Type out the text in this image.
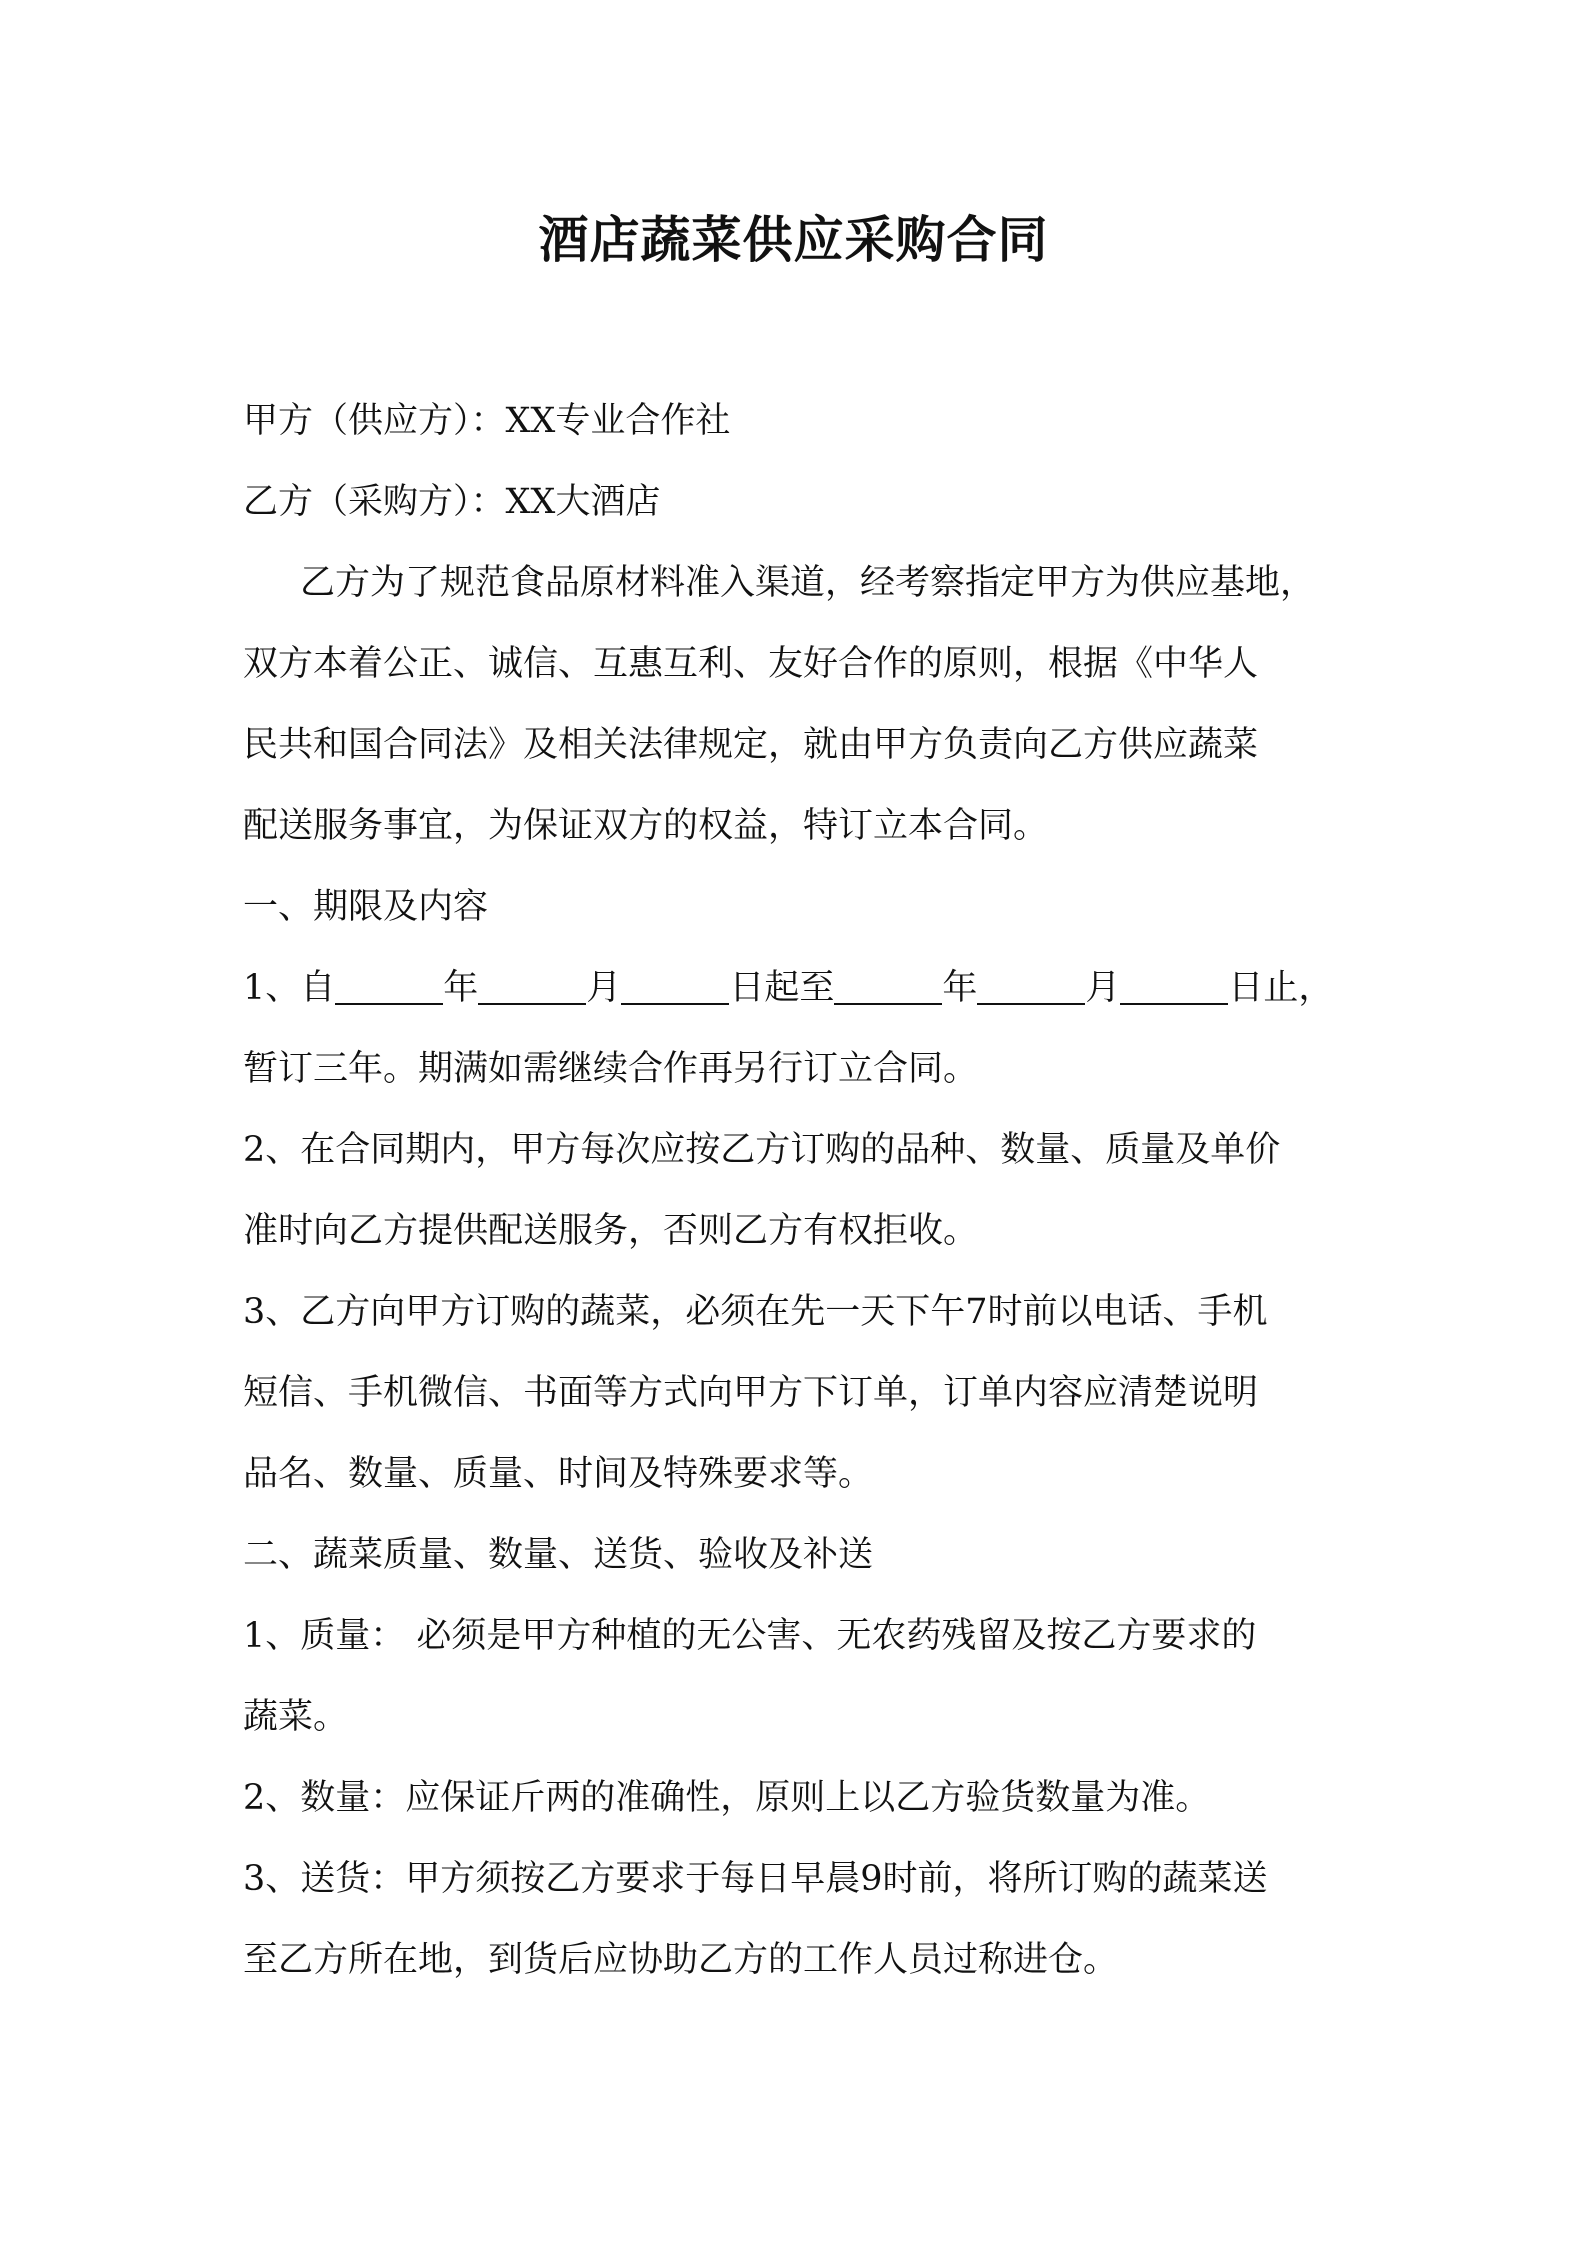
酒店蔬菜供应采购合同
甲方（供应方）：XX专业合作社
乙方（采购方）：XX大酒店
乙方为了规范食品原材料准入渠道，经考察指定甲方为供应基地，
双方本着公正、诚信、互惠互利、友好合作的原则，根据《中华人
民共和国合同法》及相关法律规定，就由甲方负责向乙方供应蔬菜
配送服务事宜，为保证双方的权益，特订立本合同。
一、期限及内容
1、自	年	月	日起至	年	月	日止，
暂订三年。期满如需继续合作再另行订立合同。
2、在合同期内，甲方每次应按乙方订购的品种、数量、质量及单价
准时向乙方提供配送服务，否则乙方有权拒收。
3、乙方向甲方订购的蔬菜，必须在先一天下午7时前以电话、手机
短信、手机微信、书面等方式向甲方下订单，订单内容应清楚说明
品名、数量、质量、时间及特殊要求等。
二、蔬菜质量、数量、送货、验收及补送
1、质量： 必须是甲方种植的无公害、无农药残留及按乙方要求的
蔬菜。
2、数量：应保证斤两的准确性，原则上以乙方验货数量为准。
3、送货：甲方须按乙方要求于每日早晨9时前，将所订购的蔬菜送
至乙方所在地，到货后应协助乙方的工作人员过称进仓。
